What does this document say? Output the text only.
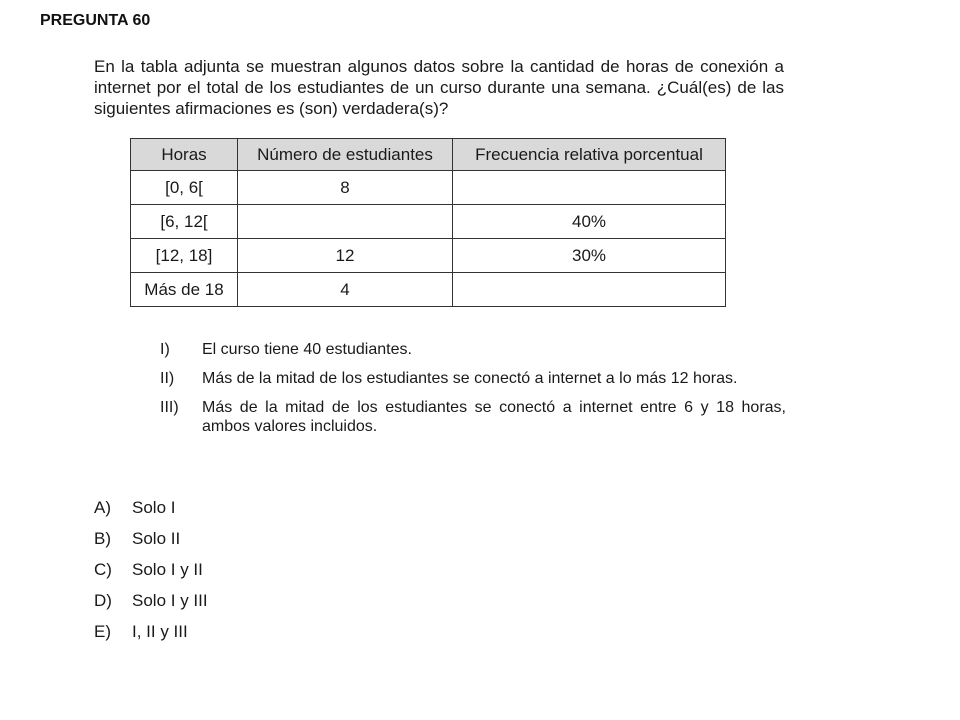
PREGUNTA 60
En la tabla adjunta se muestran algunos datos sobre la cantidad de horas de conexión a internet por el total de los estudiantes de un curso durante una semana. ¿Cuál(es) de las siguientes afirmaciones es (son) verdadera(s)?
Horas	Número de estudiantes	Frecuencia relativa porcentual
[0, 6[	8	
[6, 12[		40%
[12, 18]	12	30%
Más de 18	4	
I)	El curso tiene 40 estudiantes.
II)	Más de la mitad de los estudiantes se conectó a internet a lo más 12 horas.
III)	Más de la mitad de los estudiantes se conectó a internet entre 6 y 18 horas, ambos valores incluidos.
A)	Solo I
B)	Solo II
C)	Solo I y II
D)	Solo I y III
E)	I, II y III
